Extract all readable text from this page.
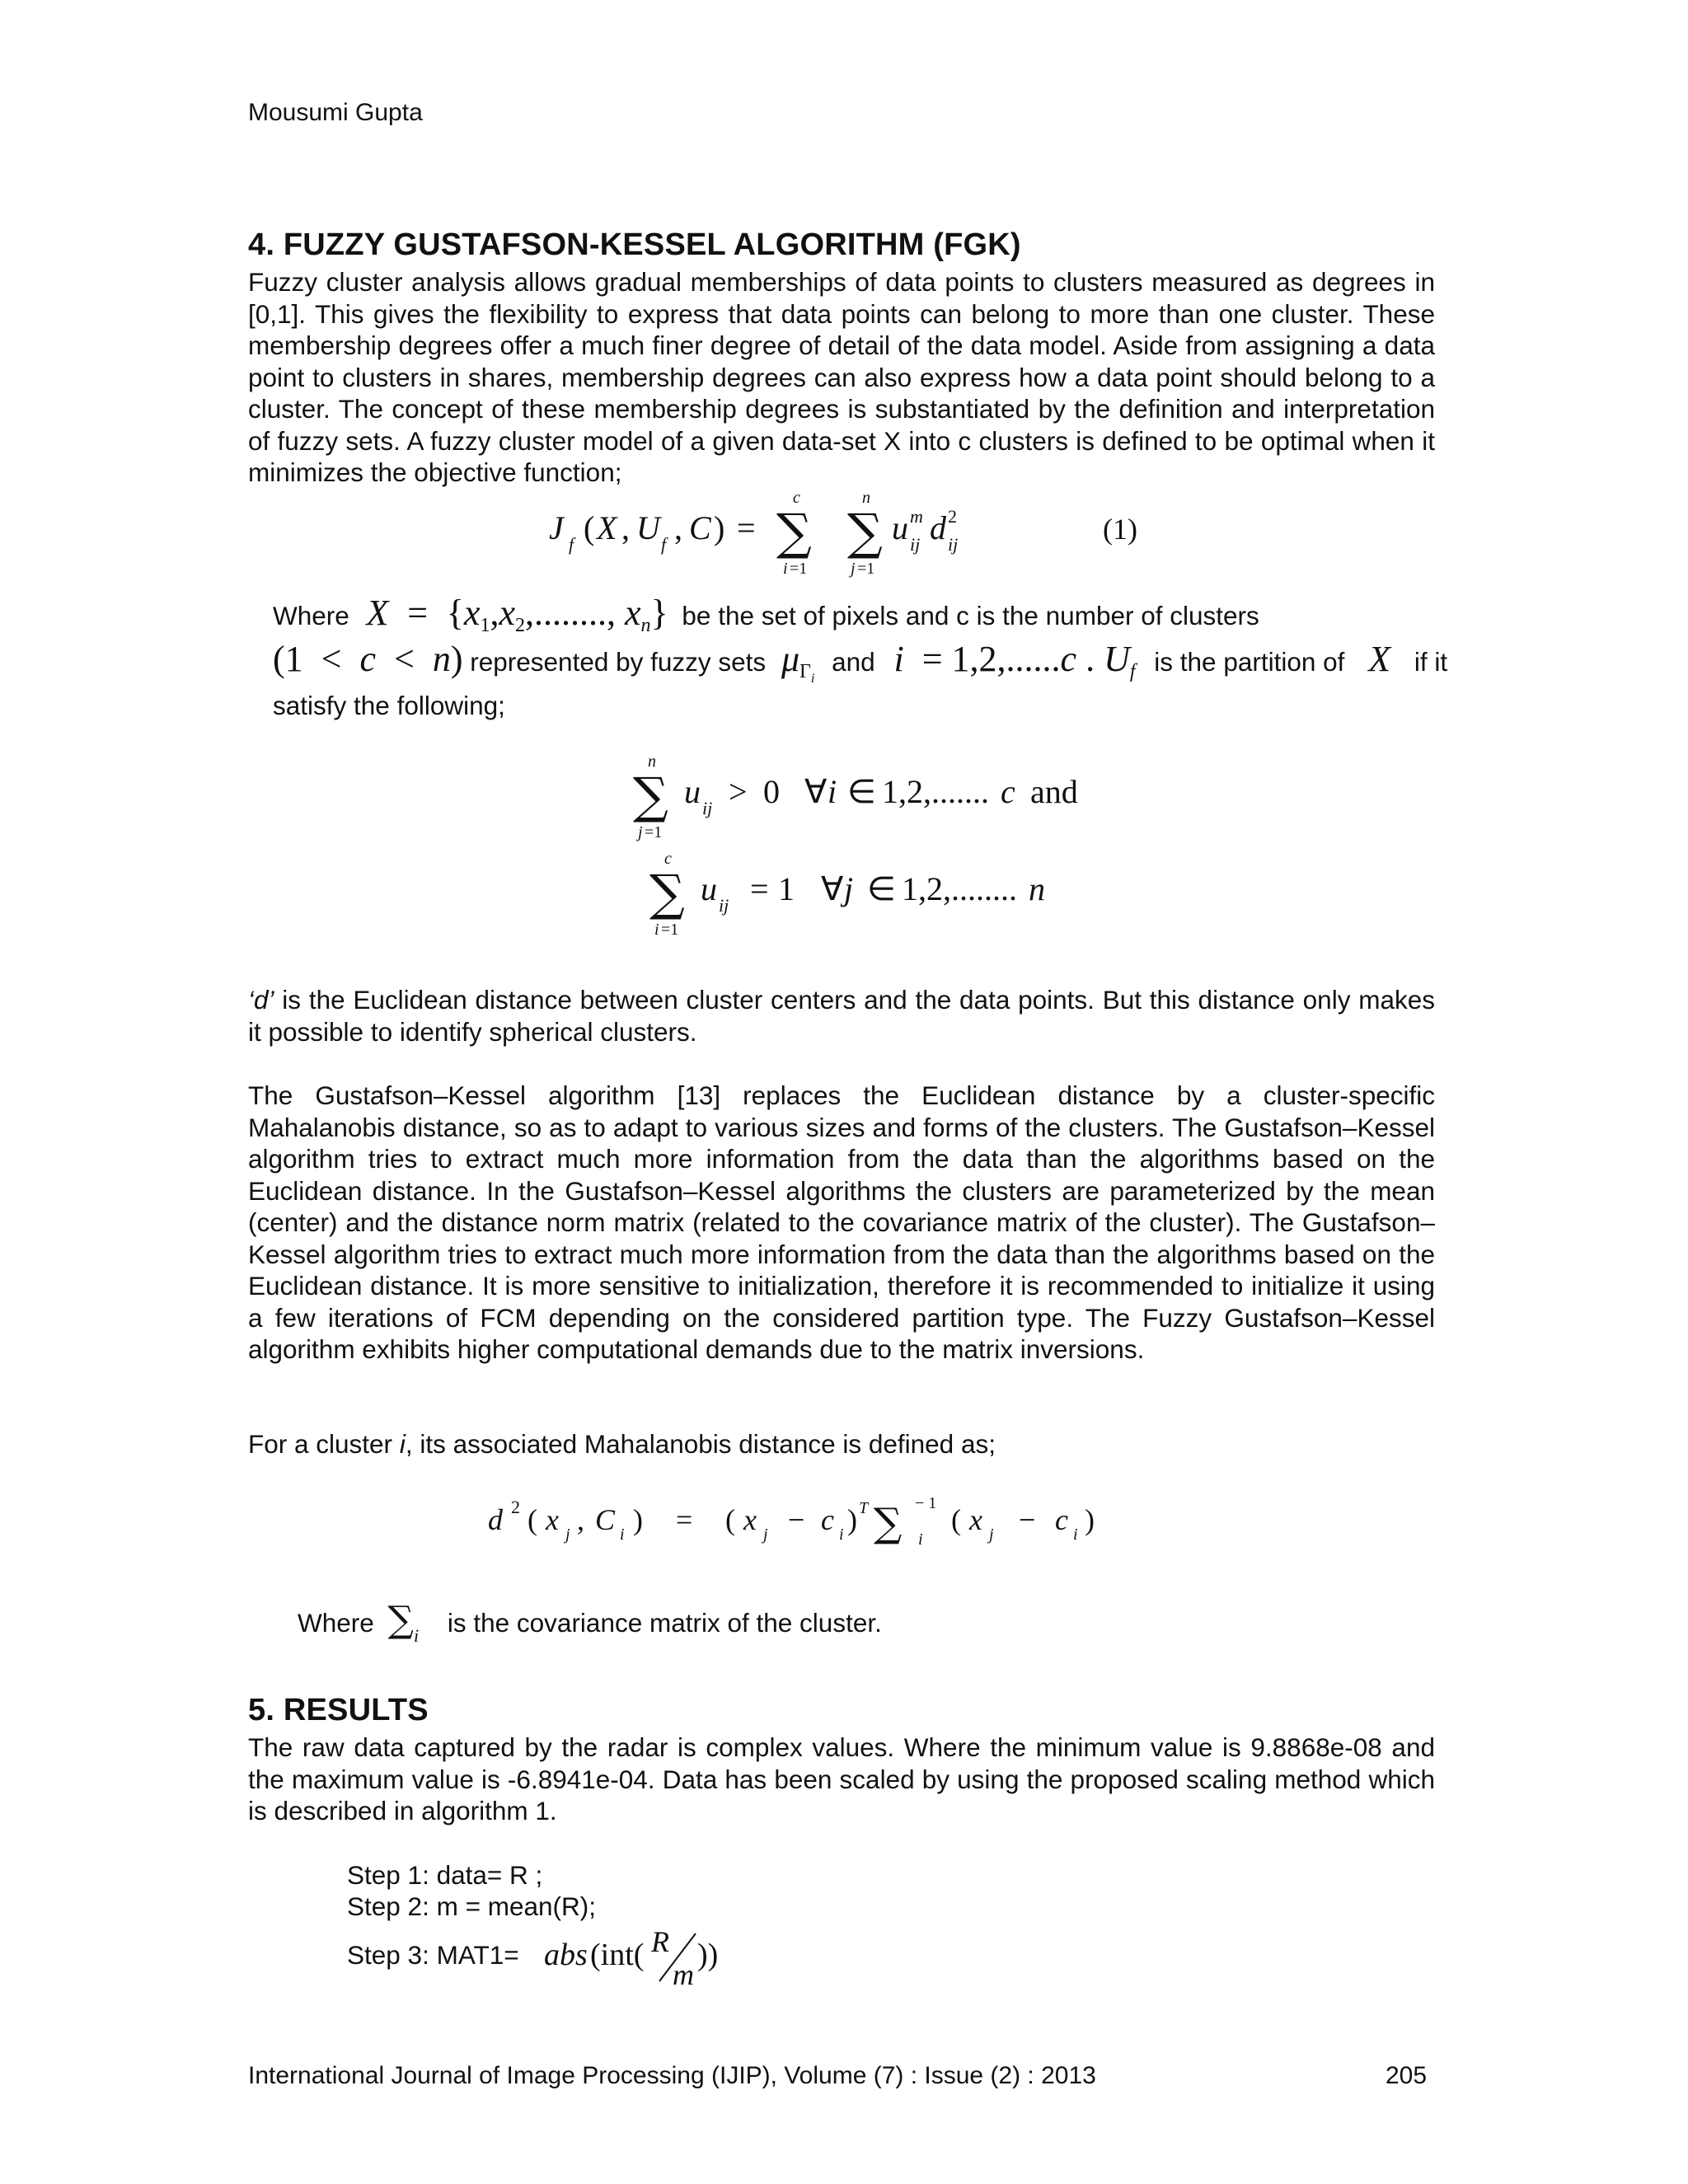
Mousumi Gupta
4. FUZZY GUSTAFSON-KESSEL ALGORITHM (FGK)
Fuzzy cluster analysis allows gradual memberships of data points to clusters measured as degrees in [0,1]. This gives the flexibility to express that data points can belong to more than one cluster. These membership degrees offer a much finer degree of detail of the data model. Aside from assigning a data point to clusters in shares, membership degrees can also express how a data point should belong to a cluster. The concept of these membership degrees is substantiated by the definition and interpretation of fuzzy sets. A fuzzy cluster model of a given data-set X into c clusters is defined to be optimal when it minimizes the objective function;
J f ( X , U f , C ) =
c
∑
i =1
n
∑
j =1
u m
ij d 2
ij	(1)
Where $X = \{x_1,x_2$,........, $x_n$} be the set of pixels and c is the number of clusters
(1  <  c  <  n) represented by fuzzy sets $\mu_{\Gamma i}$ and i  = 1,2,......c . $U_f$ is the partition of X if it
satisfy the following;
n
∑
j =1
u ij > 0 ∀ i ∈ 1,2,....... c and
c
∑
i =1
u ij = 1 ∀ j ∈ 1,2,........ n
‘d’ is the Euclidean distance between cluster centers and the data points. But this distance only makes it possible to identify spherical clusters.
The Gustafson–Kessel algorithm [13] replaces the Euclidean distance by a cluster-specific Mahalanobis distance, so as to adapt to various sizes and forms of the clusters. The Gustafson–Kessel algorithm tries to extract much more information from the data than the algorithms based on the Euclidean distance. In the Gustafson–Kessel algorithms the clusters are parameterized by the mean (center) and the distance norm matrix (related to the covariance matrix of the cluster). The Gustafson–Kessel algorithm tries to extract much more information from the data than the algorithms based on the Euclidean distance. It is more sensitive to initialization, therefore it is recommended to initialize it using a few iterations of FCM depending on the considered partition type. The Fuzzy Gustafson–Kessel algorithm exhibits higher computational demands due to the matrix inversions.
For a cluster i, its associated Mahalanobis distance is defined as;
d 2 ( x j , C i ) = ( x j − c i ) T ∑ − 1
i
( x j − c i )
Where $\sum_i$ is the covariance matrix of the cluster.
5. RESULTS
The raw data captured by the radar is complex values. Where the minimum value is 9.8868e-08 and the maximum value is -6.8941e-04. Data has been scaled by using the proposed scaling method which is described in algorithm 1.
Step 1: data= R ;
Step 2: m = mean(R);
Step 3: MAT1= abs (int( R
m
))
International Journal of Image Processing (IJIP), Volume (7) : Issue (2) : 2013	205
